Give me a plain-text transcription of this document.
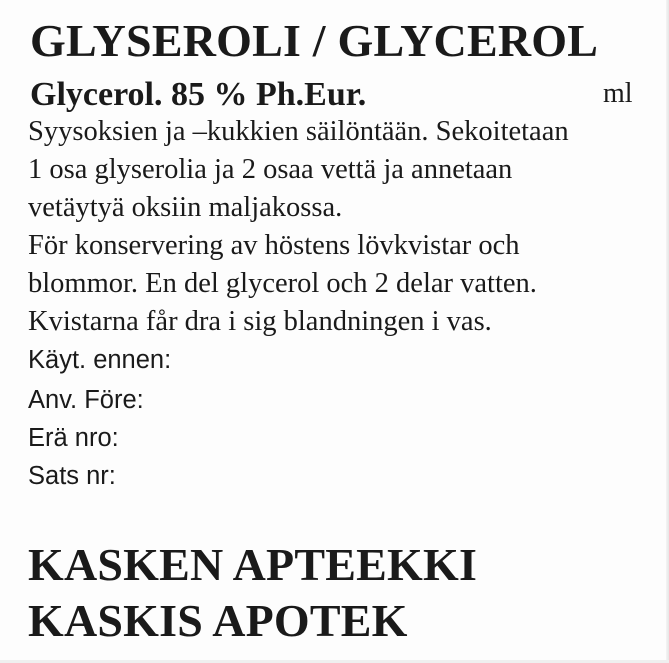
GLYSEROLI / GLYCEROL
Glycerol. 85 % Ph.Eur.	ml
Syysoksien ja –kukkien säilöntään. Sekoitetaan
1 osa glyserolia ja 2 osaa vettä ja annetaan
vetäytyä oksiin maljakossa.
För konservering av höstens lövkvistar och
blommor. En del glycerol och 2 delar vatten.
Kvistarna får dra i sig blandningen i vas.
Käyt. ennen:
Anv. Före:
Erä nro:
Sats nr:
KASKEN APTEEKKI
KASKIS APOTEK
